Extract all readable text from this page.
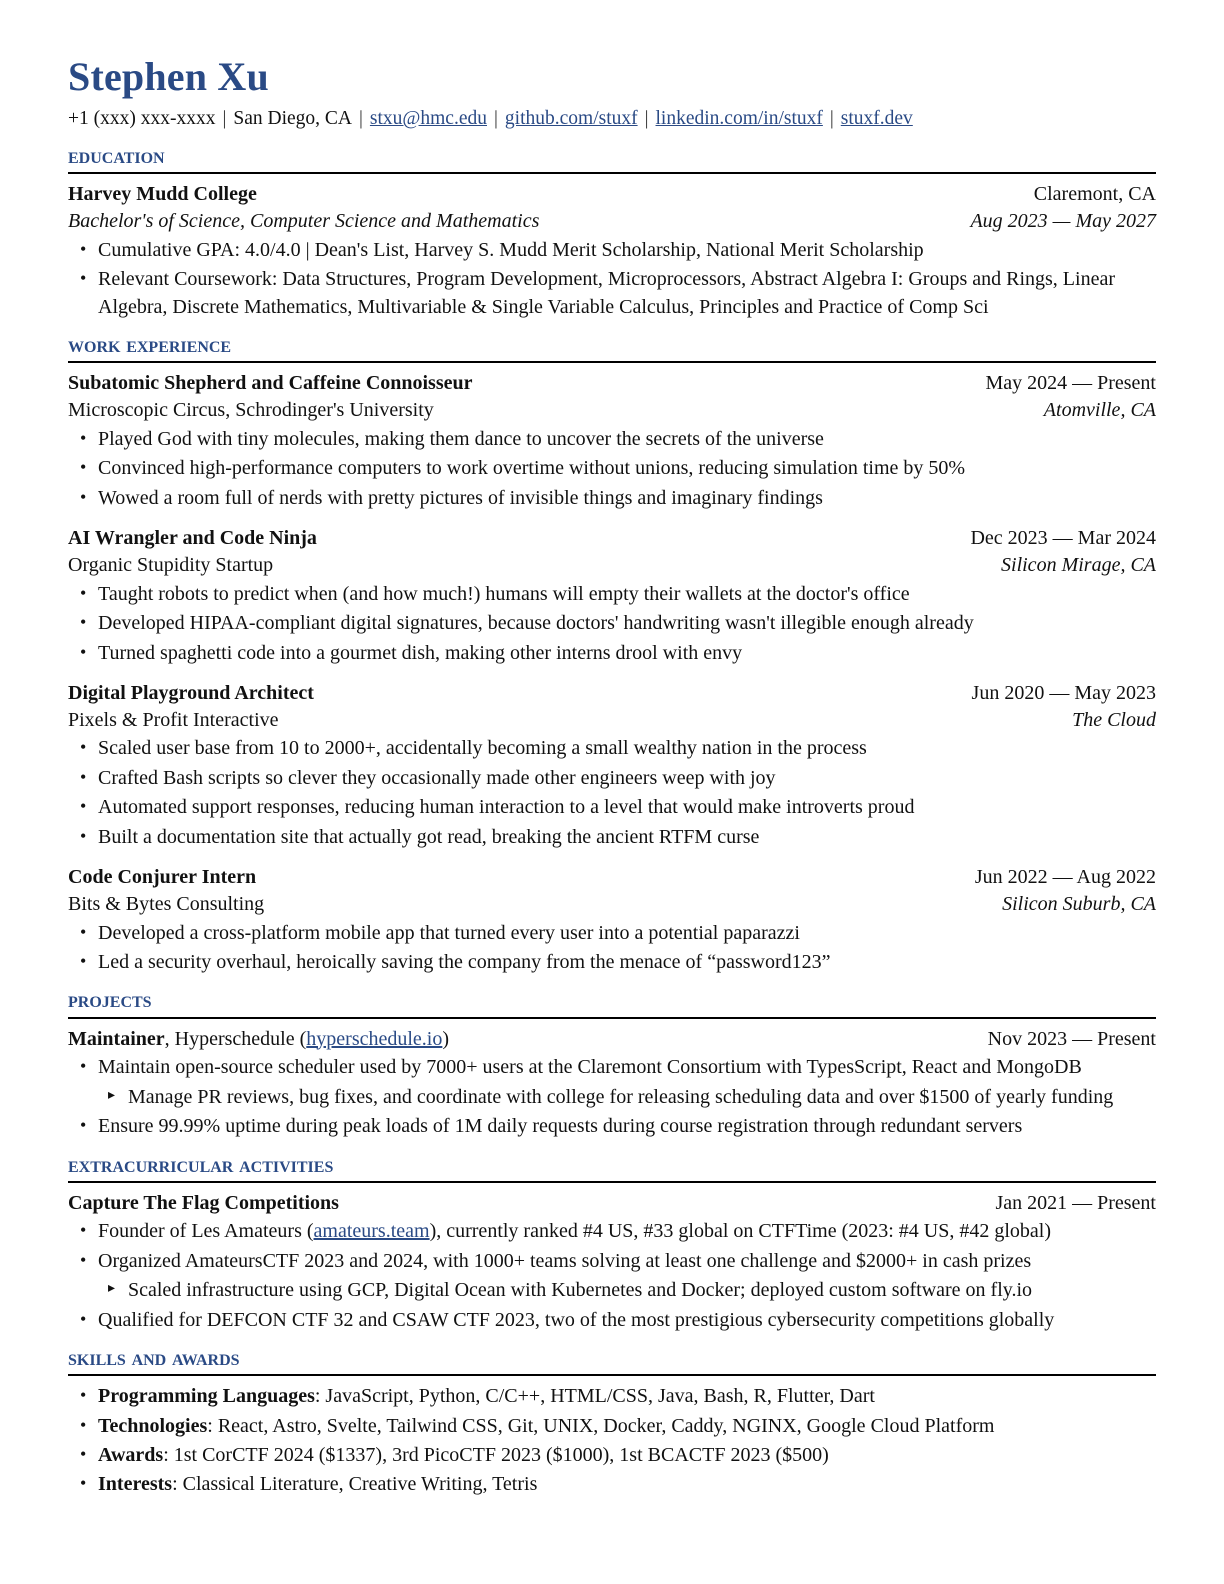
Stephen Xu
+1 (xxx) xxx-xxxx | San Diego, CA | stxu@hmc.edu | github.com/stuxf | linkedin.com/in/stuxf | stuxf.dev
education
Harvey Mudd College	Claremont, CA
Bachelor's of Science, Computer Science and Mathematics	Aug 2023 — May 2027
• Cumulative GPA: 4.0/4.0 | Dean's List, Harvey S. Mudd Merit Scholarship, National Merit Scholarship
• Relevant Coursework: Data Structures, Program Development, Microprocessors, Abstract Algebra I: Groups and Rings, Linear Algebra, Discrete Mathematics, Multivariable & Single Variable Calculus, Principles and Practice of Comp Sci
work experience
Subatomic Shepherd and Caffeine Connoisseur	May 2024 — Present
Microscopic Circus, Schrodinger's University	Atomville, CA
• Played God with tiny molecules, making them dance to uncover the secrets of the universe
• Convinced high-performance computers to work overtime without unions, reducing simulation time by 50%
• Wowed a room full of nerds with pretty pictures of invisible things and imaginary findings
AI Wrangler and Code Ninja	Dec 2023 — Mar 2024
Organic Stupidity Startup	Silicon Mirage, CA
• Taught robots to predict when (and how much!) humans will empty their wallets at the doctor's office
• Developed HIPAA-compliant digital signatures, because doctors' handwriting wasn't illegible enough already
• Turned spaghetti code into a gourmet dish, making other interns drool with envy
Digital Playground Architect	Jun 2020 — May 2023
Pixels & Profit Interactive	The Cloud
• Scaled user base from 10 to 2000+, accidentally becoming a small wealthy nation in the process
• Crafted Bash scripts so clever they occasionally made other engineers weep with joy
• Automated support responses, reducing human interaction to a level that would make introverts proud
• Built a documentation site that actually got read, breaking the ancient RTFM curse
Code Conjurer Intern	Jun 2022 — Aug 2022
Bits & Bytes Consulting	Silicon Suburb, CA
• Developed a cross-platform mobile app that turned every user into a potential paparazzi
• Led a security overhaul, heroically saving the company from the menace of “password123”
projects
Maintainer, Hyperschedule (hyperschedule.io)	Nov 2023 — Present
• Maintain open-source scheduler used by 7000+ users at the Claremont Consortium with TypesScript, React and MongoDB
▸ Manage PR reviews, bug fixes, and coordinate with college for releasing scheduling data and over $1500 of yearly funding
• Ensure 99.99% uptime during peak loads of 1M daily requests during course registration through redundant servers
extracurricular activities
Capture The Flag Competitions	Jan 2021 — Present
• Founder of Les Amateurs (amateurs.team), currently ranked #4 US, #33 global on CTFTime (2023: #4 US, #42 global)
• Organized AmateursCTF 2023 and 2024, with 1000+ teams solving at least one challenge and $2000+ in cash prizes
▸ Scaled infrastructure using GCP, Digital Ocean with Kubernetes and Docker; deployed custom software on fly.io
• Qualified for DEFCON CTF 32 and CSAW CTF 2023, two of the most prestigious cybersecurity competitions globally
skills and awards
• Programming Languages: JavaScript, Python, C/C++, HTML/CSS, Java, Bash, R, Flutter, Dart
• Technologies: React, Astro, Svelte, Tailwind CSS, Git, UNIX, Docker, Caddy, NGINX, Google Cloud Platform
• Awards: 1st CorCTF 2024 ($1337), 3rd PicoCTF 2023 ($1000), 1st BCACTF 2023 ($500)
• Interests: Classical Literature, Creative Writing, Tetris
